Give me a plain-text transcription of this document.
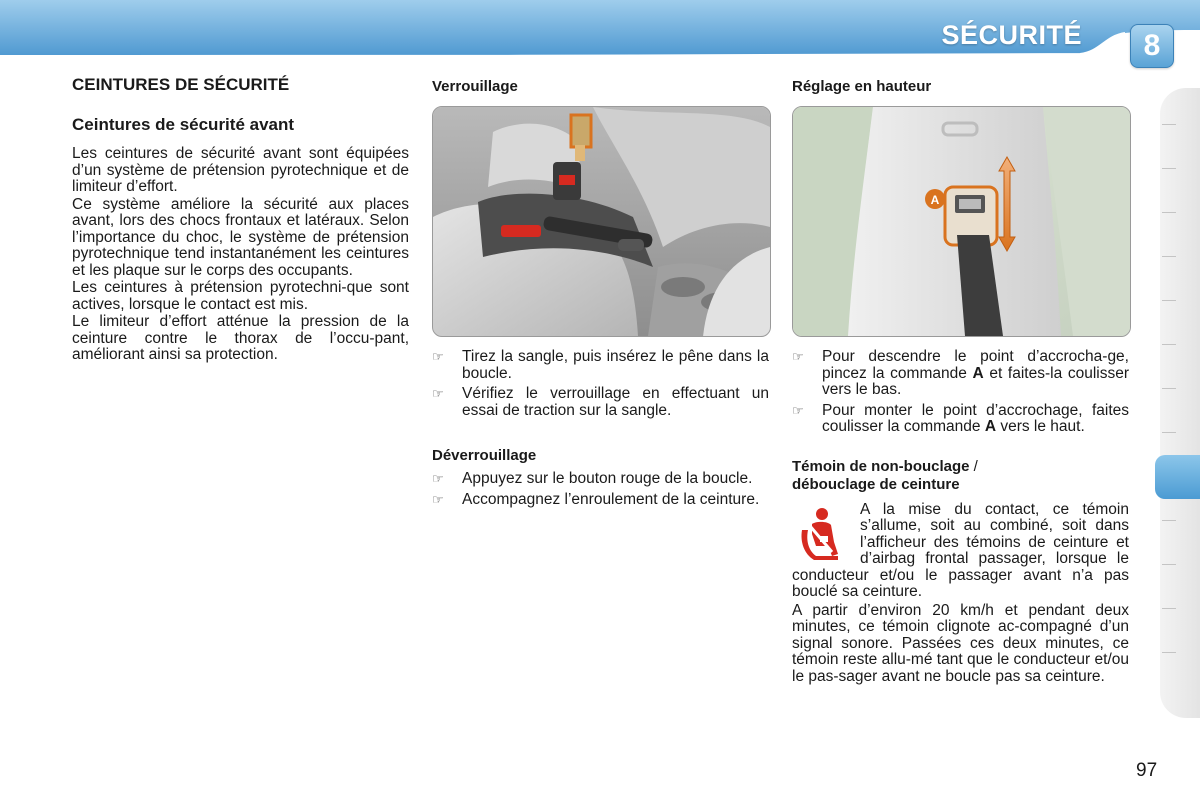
SÉCURITÉ	8
CEINTURES DE SÉCURITÉ
Ceintures de sécurité avant

Les ceintures de sécurité avant sont équipées d’un système de prétension pyrotechnique et de limiteur d’effort.

Ce système améliore la sécurité aux places avant, lors des chocs frontaux et latéraux. Selon l’importance du choc, le système de prétension pyrotechnique tend instantanément les ceintures et les plaque sur le corps des occupants.

Les ceintures à prétension pyrotechni-que sont actives, lorsque le contact est mis.

Le limiteur d’effort atténue la pression de la ceinture contre le thorax de l’occu-pant, améliorant ainsi sa protection.

Verrouillage
☞ Tirez la sangle, puis insérez le pêne dans la boucle.
☞ Vérifiez le verrouillage en effectuant un essai de traction sur la sangle.
Déverrouillage
☞ Appuyez sur le bouton rouge de la boucle.
☞ Accompagnez l’enroulement de la ceinture.
Réglage en hauteur
A
☞ Pour descendre le point d’accrocha-ge, pincez la commande A et faites-la coulisser vers le bas.
☞ Pour monter le point d’accrochage, faites coulisser la commande A vers le haut.
Témoin de non-bouclage /
débouclage de ceinture

A la mise du contact, ce témoin s’allume, soit au combiné, soit dans l’afficheur des témoins de ceinture et d’airbag frontal passager, lorsque le conducteur et/ou le passager avant n’a pas bouclé sa ceinture.

A partir d’environ 20 km/h et pendant deux minutes, ce témoin clignote ac-compagné d’un signal sonore. Passées ces deux minutes, ce témoin reste allu-mé tant que le conducteur et/ou le pas-sager avant ne boucle pas sa ceinture.

97
